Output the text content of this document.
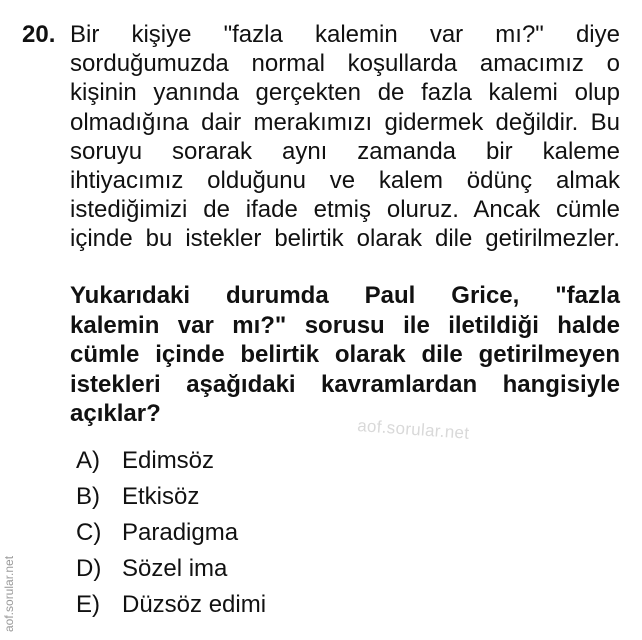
20. Bir kişiye "fazla kalemin var mı?" diye
sorduğumuzda normal koşullarda amacımız o
kişinin yanında gerçekten de fazla kalemi olup
olmadığına dair merakımızı gidermek değildir. Bu
soruyu sorarak aynı zamanda bir kaleme
ihtiyacımız olduğunu ve kalem ödünç almak
istediğimizi de ifade etmiş oluruz. Ancak cümle
içinde bu istekler belirtik olarak dile getirilmezler.
Yukarıdaki durumda Paul Grice, "fazla
kalemin var mı?" sorusu ile iletildiği halde
cümle içinde belirtik olarak dile getirilmeyen
istekleri aşağıdaki kavramlardan hangisiyle
açıklar?
A) Edimsöz
B) Etkisöz
C) Paradigma
D) Sözel ima
E) Düzsöz edimi
aof.sorular.net
aof.sorular.net
